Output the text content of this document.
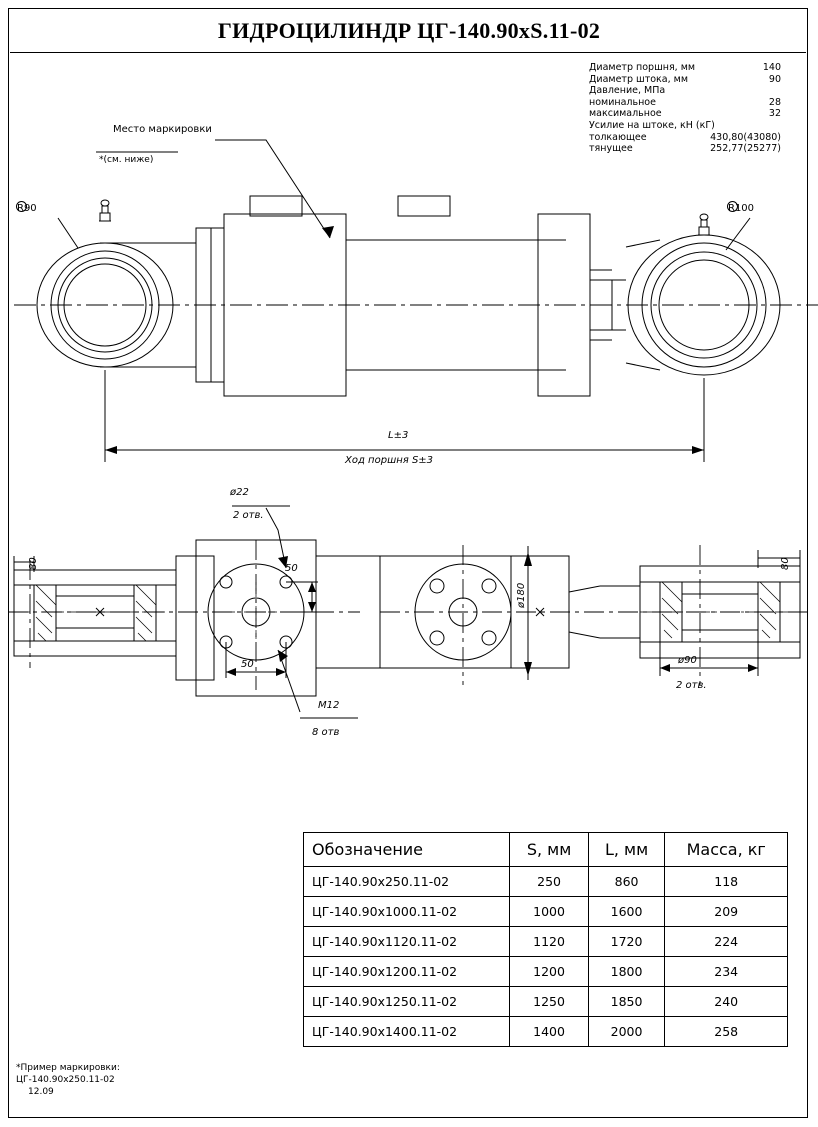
ГИДРОЦИЛИНДР ЦГ-140.90xS.11-02
Диаметр поршня, мм	140
Диаметр штока, мм	90
Давление, МПа
номинальное	28
максимальное	32
Усилие на штоке, кН (кГ)
толкающее	430,80(43080)
тянущее	252,77(25277)
Место маркировки
*(см. ниже)
R90	R100
L±3
Ход поршня S±3
ø22
2 отв.
50
50
M12
8 отв
ø180
ø90
2 отв.
80	80
Обозначение	S, мм	L, мм	Масса, кг
ЦГ-140.90x250.11-02	250	860	118
ЦГ-140.90x1000.11-02	1000	1600	209
ЦГ-140.90x1120.11-02	1120	1720	224
ЦГ-140.90x1200.11-02	1200	1800	234
ЦГ-140.90x1250.11-02	1250	1850	240
ЦГ-140.90x1400.11-02	1400	2000	258
*Пример маркировки:
ЦГ-140.90x250.11-02
12.09
